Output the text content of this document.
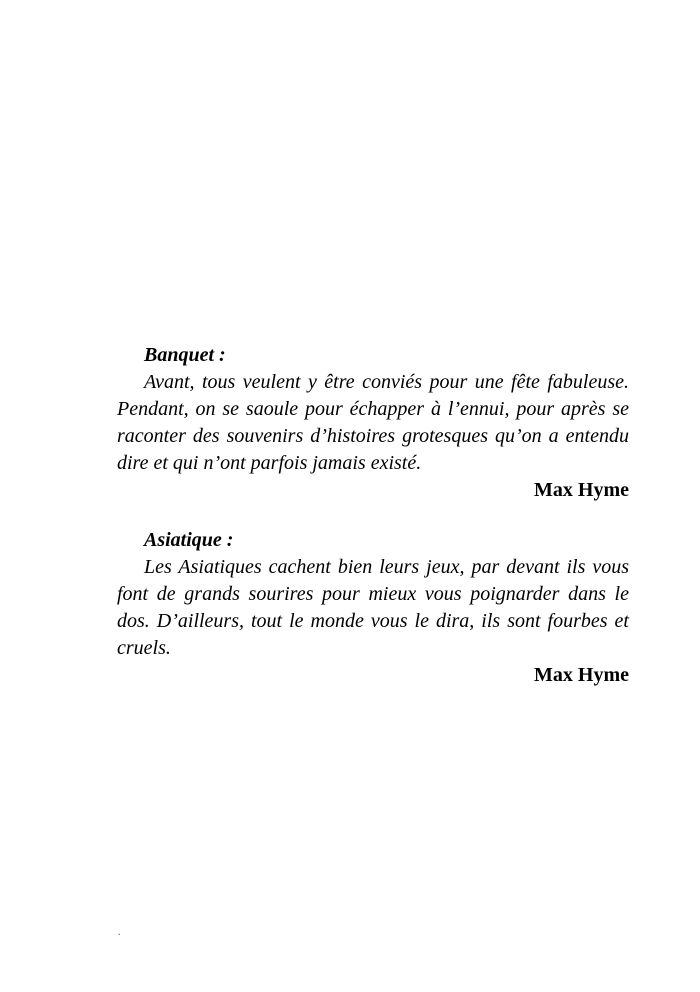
Banquet :

Avant, tous veulent y être conviés pour une fête fabuleuse. Pendant, on se saoule pour échapper à l’ennui, pour après se raconter des souvenirs d’histoires grotesques qu’on a entendu dire et qui n’ont parfois jamais existé.

Max Hyme

Asiatique :

Les Asiatiques cachent bien leurs jeux, par devant ils vous font de grands sourires pour mieux vous poignarder dans le dos. D’ailleurs, tout le monde vous le dira, ils sont fourbes et cruels.

Max Hyme

.
